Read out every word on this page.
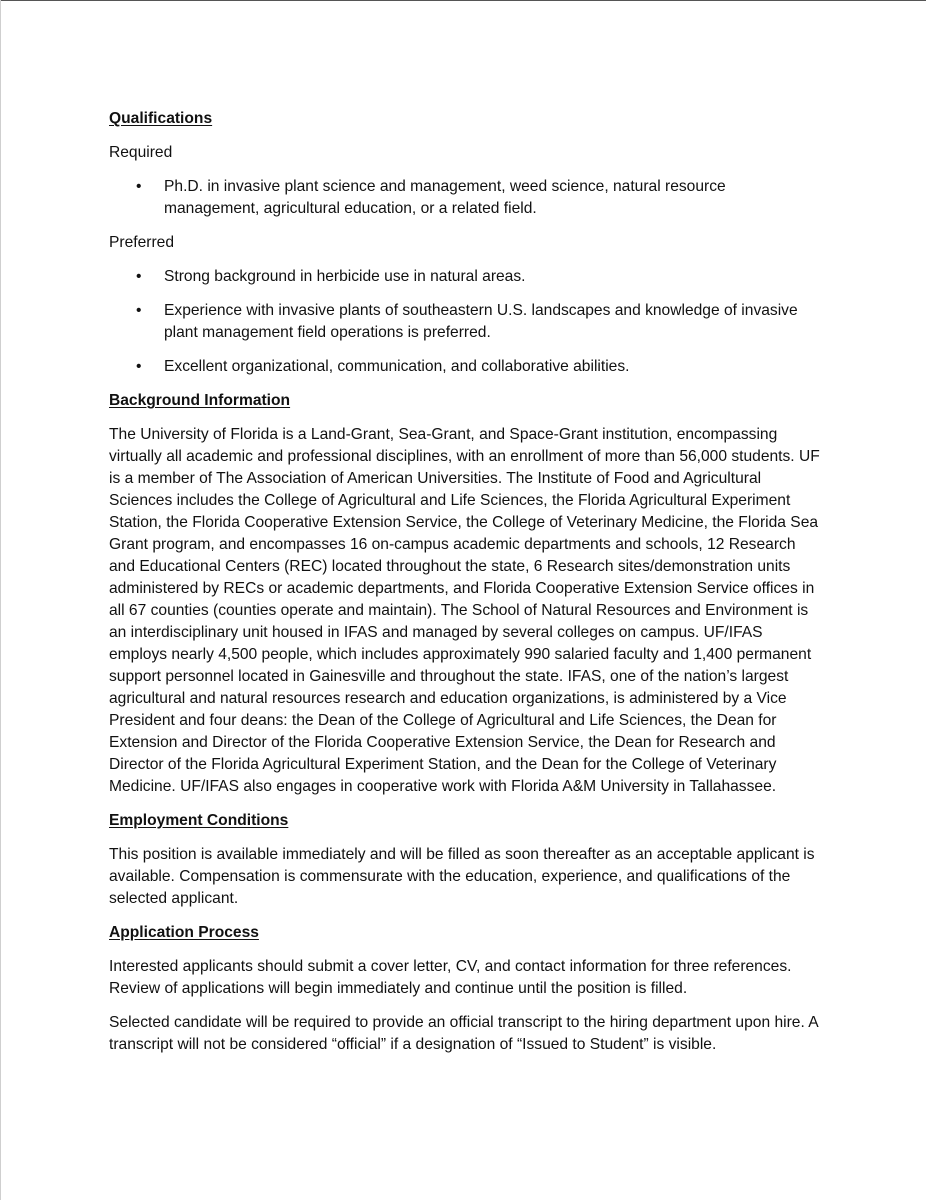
Qualifications
Required
• Ph.D. in invasive plant science and management, weed science, natural resource management, agricultural education, or a related field.
Preferred
• Strong background in herbicide use in natural areas.
• Experience with invasive plants of southeastern U.S. landscapes and knowledge of invasive plant management field operations is preferred.
• Excellent organizational, communication, and collaborative abilities.
Background Information
The University of Florida is a Land-Grant, Sea-Grant, and Space-Grant institution, encompassing virtually all academic and professional disciplines, with an enrollment of more than 56,000 students. UF is a member of The Association of American Universities. The Institute of Food and Agricultural Sciences includes the College of Agricultural and Life Sciences, the Florida Agricultural Experiment Station, the Florida Cooperative Extension Service, the College of Veterinary Medicine, the Florida Sea Grant program, and encompasses 16 on-campus academic departments and schools, 12 Research and Educational Centers (REC) located throughout the state, 6 Research sites/demonstration units administered by RECs or academic departments, and Florida Cooperative Extension Service offices in all 67 counties (counties operate and maintain). The School of Natural Resources and Environment is an interdisciplinary unit housed in IFAS and managed by several colleges on campus. UF/IFAS employs nearly 4,500 people, which includes approximately 990 salaried faculty and 1,400 permanent support personnel located in Gainesville and throughout the state. IFAS, one of the nation’s largest agricultural and natural resources research and education organizations, is administered by a Vice President and four deans: the Dean of the College of Agricultural and Life Sciences, the Dean for Extension and Director of the Florida Cooperative Extension Service, the Dean for Research and Director of the Florida Agricultural Experiment Station, and the Dean for the College of Veterinary Medicine. UF/IFAS also engages in cooperative work with Florida A&M University in Tallahassee.
Employment Conditions
This position is available immediately and will be filled as soon thereafter as an acceptable applicant is available. Compensation is commensurate with the education, experience, and qualifications of the selected applicant.
Application Process
Interested applicants should submit a cover letter, CV, and contact information for three references. Review of applications will begin immediately and continue until the position is filled.
Selected candidate will be required to provide an official transcript to the hiring department upon hire. A transcript will not be considered “official” if a designation of “Issued to Student” is visible.
